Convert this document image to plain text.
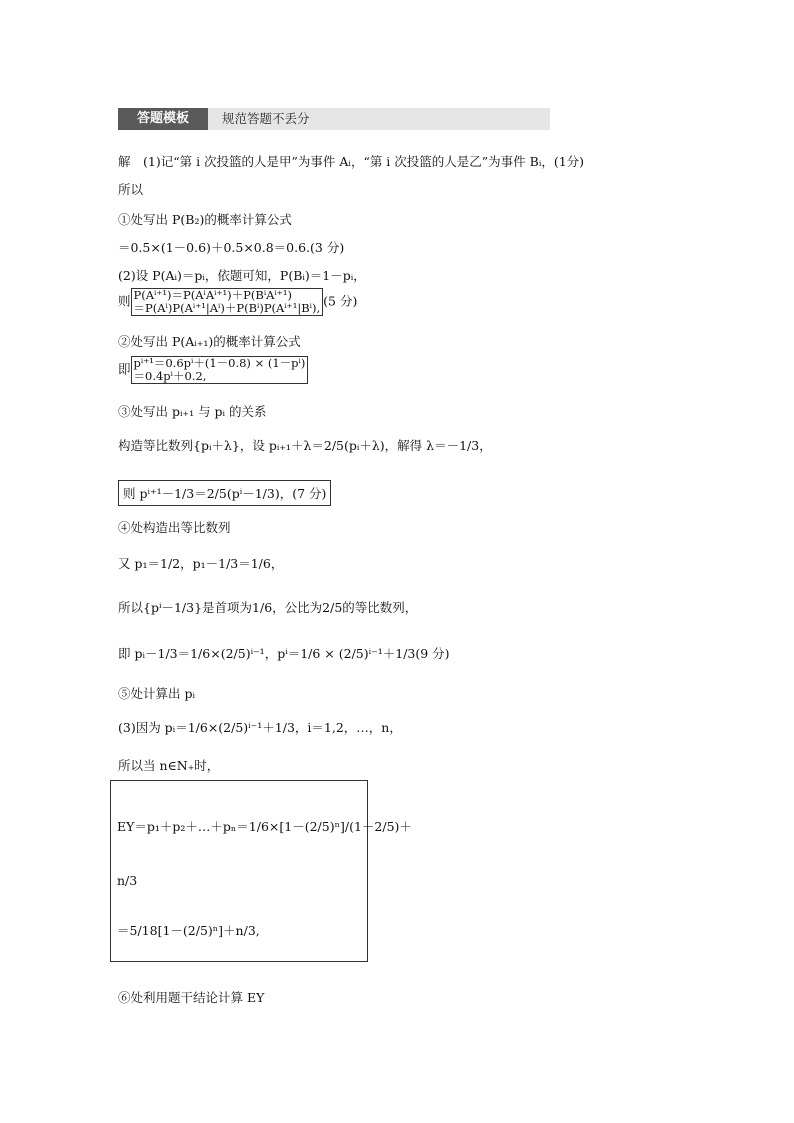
答题模板	规范答题不丢分
解　(1)记“第 i 次投篮的人是甲”为事件 Aᵢ，“第 i 次投篮的人是乙”为事件 Bᵢ，(1分)
所以
①处写出 P(B₂)的概率计算公式
＝0.5×(1－0.6)＋0.5×0.8＝0.6.(3 分)
(2)设 P(Aᵢ)＝pᵢ，依题可知，P(Bᵢ)＝1－pᵢ，
则 P(Aⁱ⁺¹)＝P(AⁱAⁱ⁺¹)＋P(BⁱAⁱ⁺¹)
＝P(Aⁱ)P(Aⁱ⁺¹|Aⁱ)＋P(Bⁱ)P(Aⁱ⁺¹|Bⁱ), (5 分)
②处写出 P(Aᵢ₊₁)的概率计算公式
即 pⁱ⁺¹＝0.6pⁱ＋(1－0.8) × (1－pⁱ)
＝0.4pⁱ＋0.2,
③处写出 pᵢ₊₁ 与 pᵢ 的关系
构造等比数列{pᵢ＋λ}，设 pᵢ₊₁＋λ＝2/5(pᵢ＋λ)，解得 λ＝－1/3，
则 pⁱ⁺¹－1/3＝2/5(pⁱ－1/3)，(7 分)
④处构造出等比数列
又 p₁＝1/2，p₁－1/3＝1/6，
所以{pⁱ－1/3}是首项为1/6，公比为2/5的等比数列，
即 pᵢ－1/3＝1/6×(2/5)ⁱ⁻¹，pⁱ＝1/6 × (2/5)ⁱ⁻¹＋1/3(9 分)
⑤处计算出 pᵢ
(3)因为 pᵢ＝1/6×(2/5)ⁱ⁻¹＋1/3，i＝1,2，…，n，
所以当 n∈N₊时，
EY＝p₁＋p₂＋…＋pₙ＝1/6×[1－(2/5)ⁿ]/(1－2/5)＋
n/3
＝5/18[1－(2/5)ⁿ]＋n/3,
⑥处利用题干结论计算 EY
